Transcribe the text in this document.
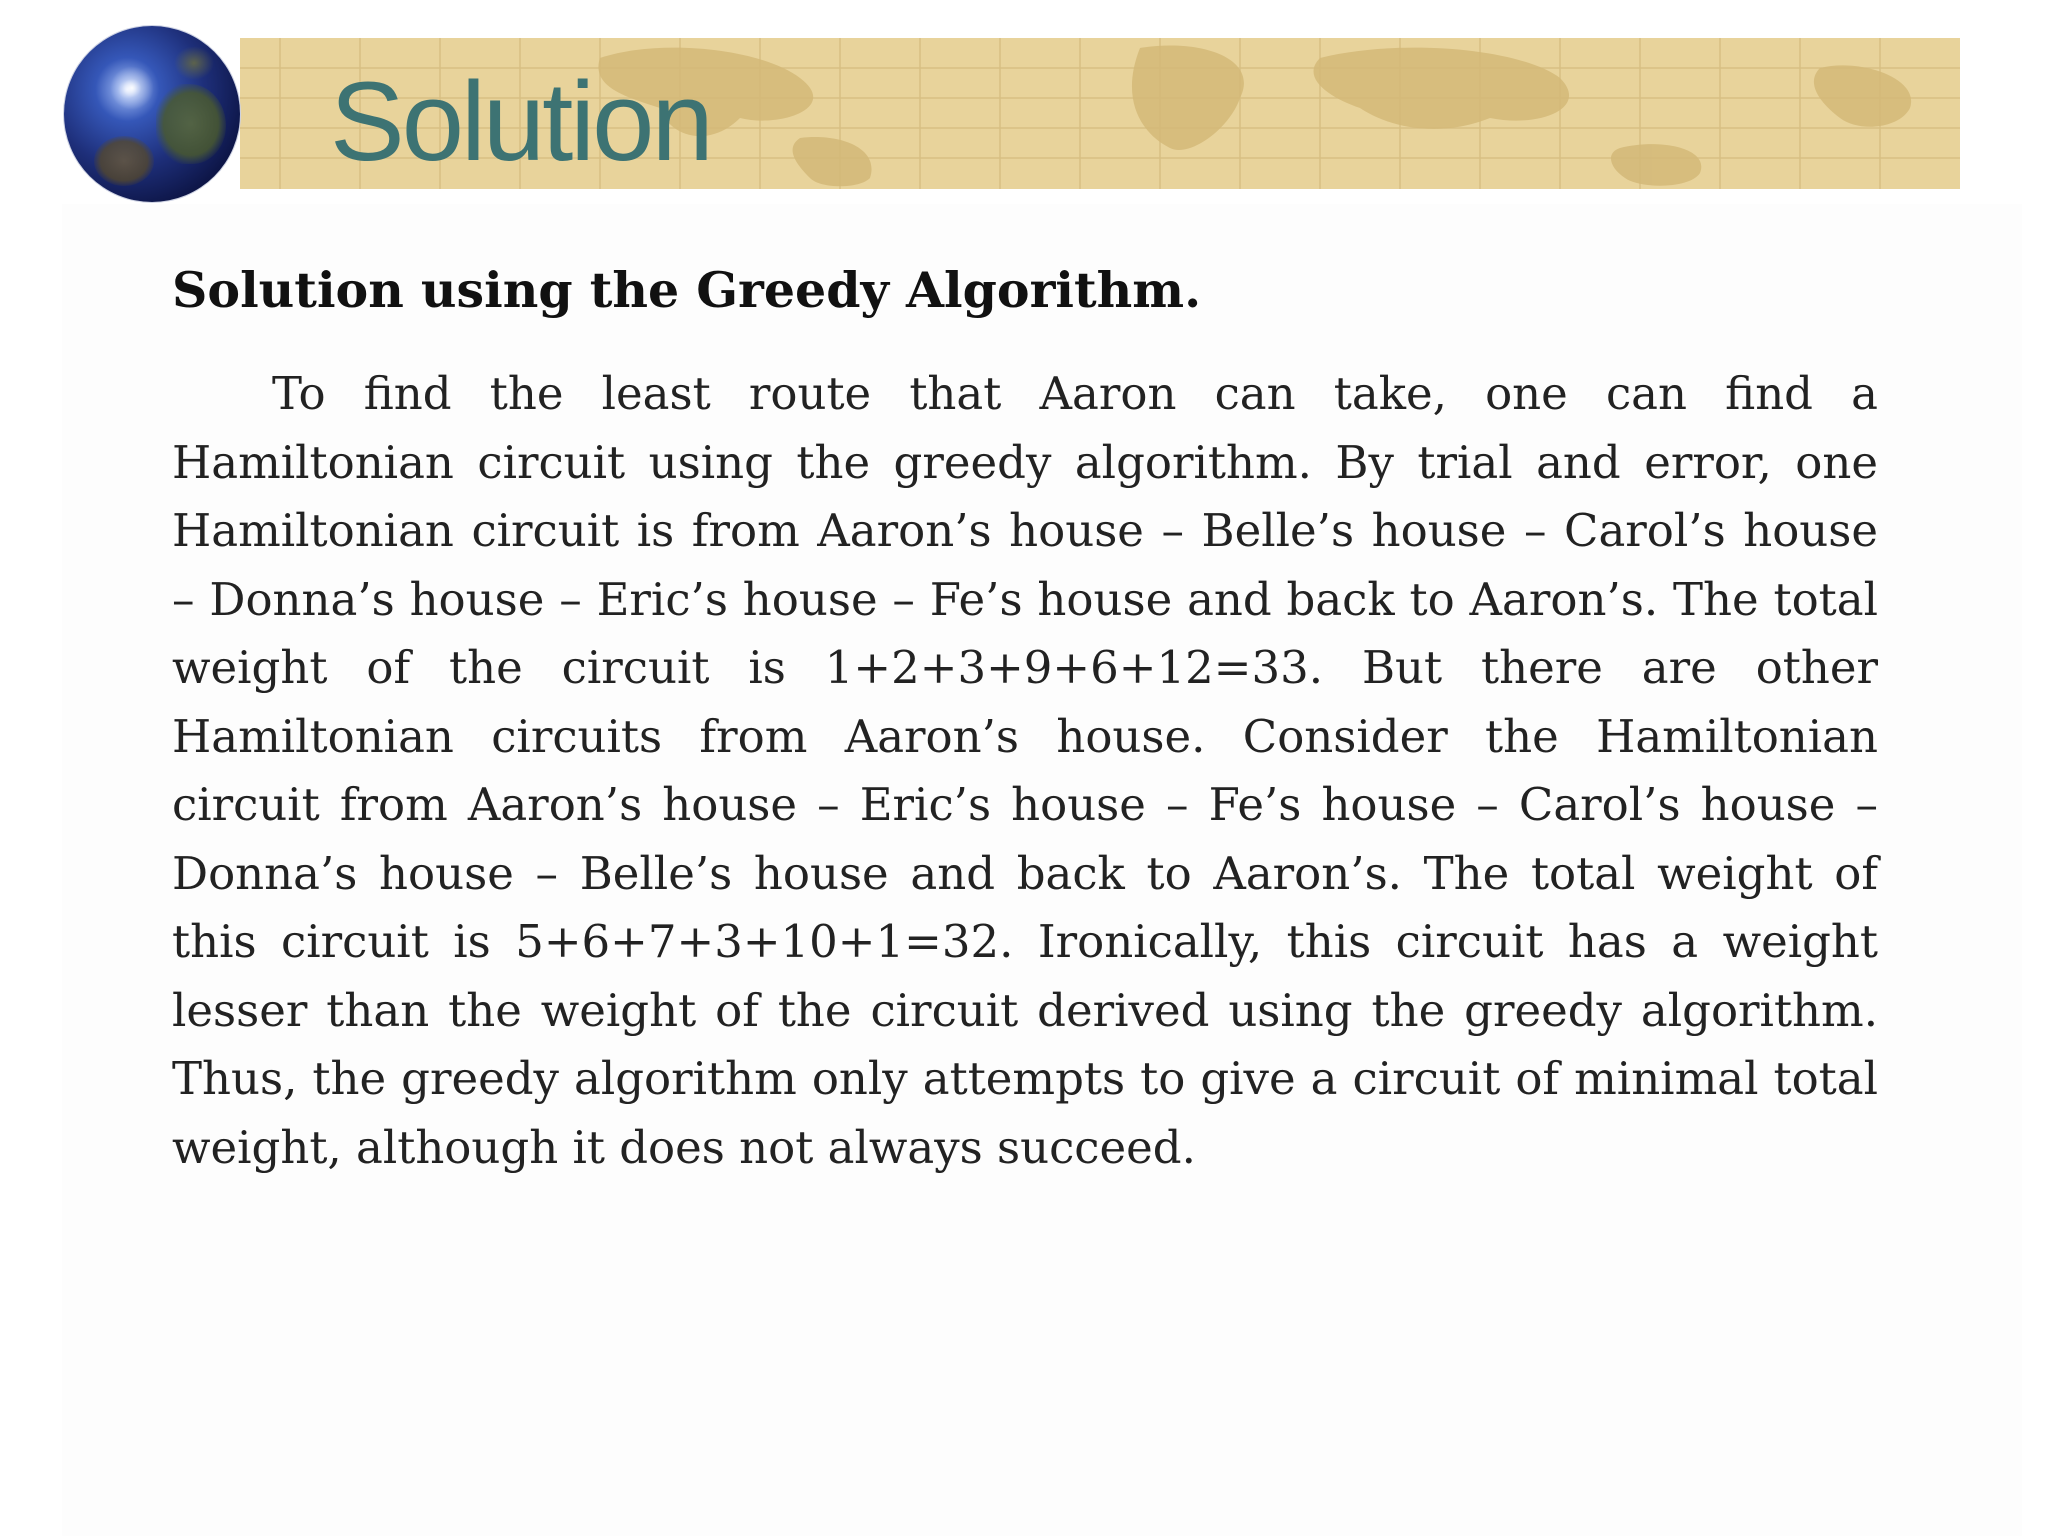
Solution
Solution using the Greedy Algorithm.

To find the least route that Aaron can take, one can find a Hamiltonian circuit using the greedy algorithm. By trial and error, one Hamiltonian circuit is from Aaron’s house – Belle’s house – Carol’s house – Donna’s house – Eric’s house – Fe’s house and back to Aaron’s. The total weight of the circuit is 1+2+3+9+6+12=33. But there are other Hamiltonian circuits from Aaron’s house. Consider the Hamiltonian circuit from Aaron’s house – Eric’s house – Fe’s house – Carol’s house – Donna’s house – Belle’s house and back to Aaron’s. The total weight of this circuit is 5+6+7+3+10+1=32. Ironically, this circuit has a weight lesser than the weight of the circuit derived using the greedy algorithm. Thus, the greedy algorithm only attempts to give a circuit of minimal total weight, although it does not always succeed.
